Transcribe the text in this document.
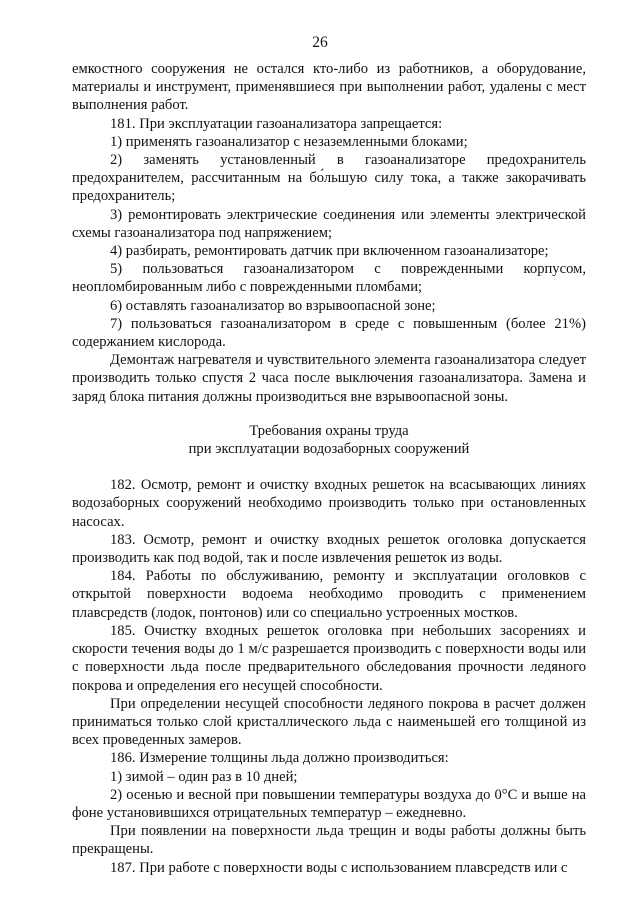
26

емкостного сооружения не остался кто-либо из работников, а оборудование, материалы и инструмент, применявшиеся при выполнении работ, удалены с мест выполнения работ.

181. При эксплуатации газоанализатора запрещается:

1) применять газоанализатор с незаземленными блоками;

2) заменять установленный в газоанализаторе предохранитель предохранителем, рассчитанным на бо́льшую силу тока, а также закорачивать предохранитель;

3) ремонтировать электрические соединения или элементы электрической схемы газоанализатора под напряжением;

4) разбирать, ремонтировать датчик при включенном газоанализаторе;

5) пользоваться газоанализатором с поврежденными корпусом, неопломбированным либо с поврежденными пломбами;

6) оставлять газоанализатор во взрывоопасной зоне;

7) пользоваться газоанализатором в среде с повышенным (более 21%) содержанием кислорода.

Демонтаж нагревателя и чувствительного элемента газоанализатора следует производить только спустя 2 часа после выключения газоанализатора. Замена и заряд блока питания должны производиться вне взрывоопасной зоны.

Требования охраны труда
при эксплуатации водозаборных сооружений

182. Осмотр, ремонт и очистку входных решеток на всасывающих линиях водозаборных сооружений необходимо производить только при остановленных насосах.

183. Осмотр, ремонт и очистку входных решеток оголовка допускается производить как под водой, так и после извлечения решеток из воды.

184. Работы по обслуживанию, ремонту и эксплуатации оголовков с открытой поверхности водоема необходимо проводить с применением плавсредств (лодок, понтонов) или со специально устроенных мостков.

185. Очистку входных решеток оголовка при небольших засорениях и скорости течения воды до 1 м/с разрешается производить с поверхности воды или с поверхности льда после предварительного обследования прочности ледяного покрова и определения его несущей способности.

При определении несущей способности ледяного покрова в расчет должен приниматься только слой кристаллического льда с наименьшей его толщиной из всех проведенных замеров.

186. Измерение толщины льда должно производиться:

1) зимой – один раз в 10 дней;

2) осенью и весной при повышении температуры воздуха до 0°С и выше на фоне установившихся отрицательных температур – ежедневно.

При появлении на поверхности льда трещин и воды работы должны быть прекращены.

187. При работе с поверхности воды с использованием плавсредств или с
